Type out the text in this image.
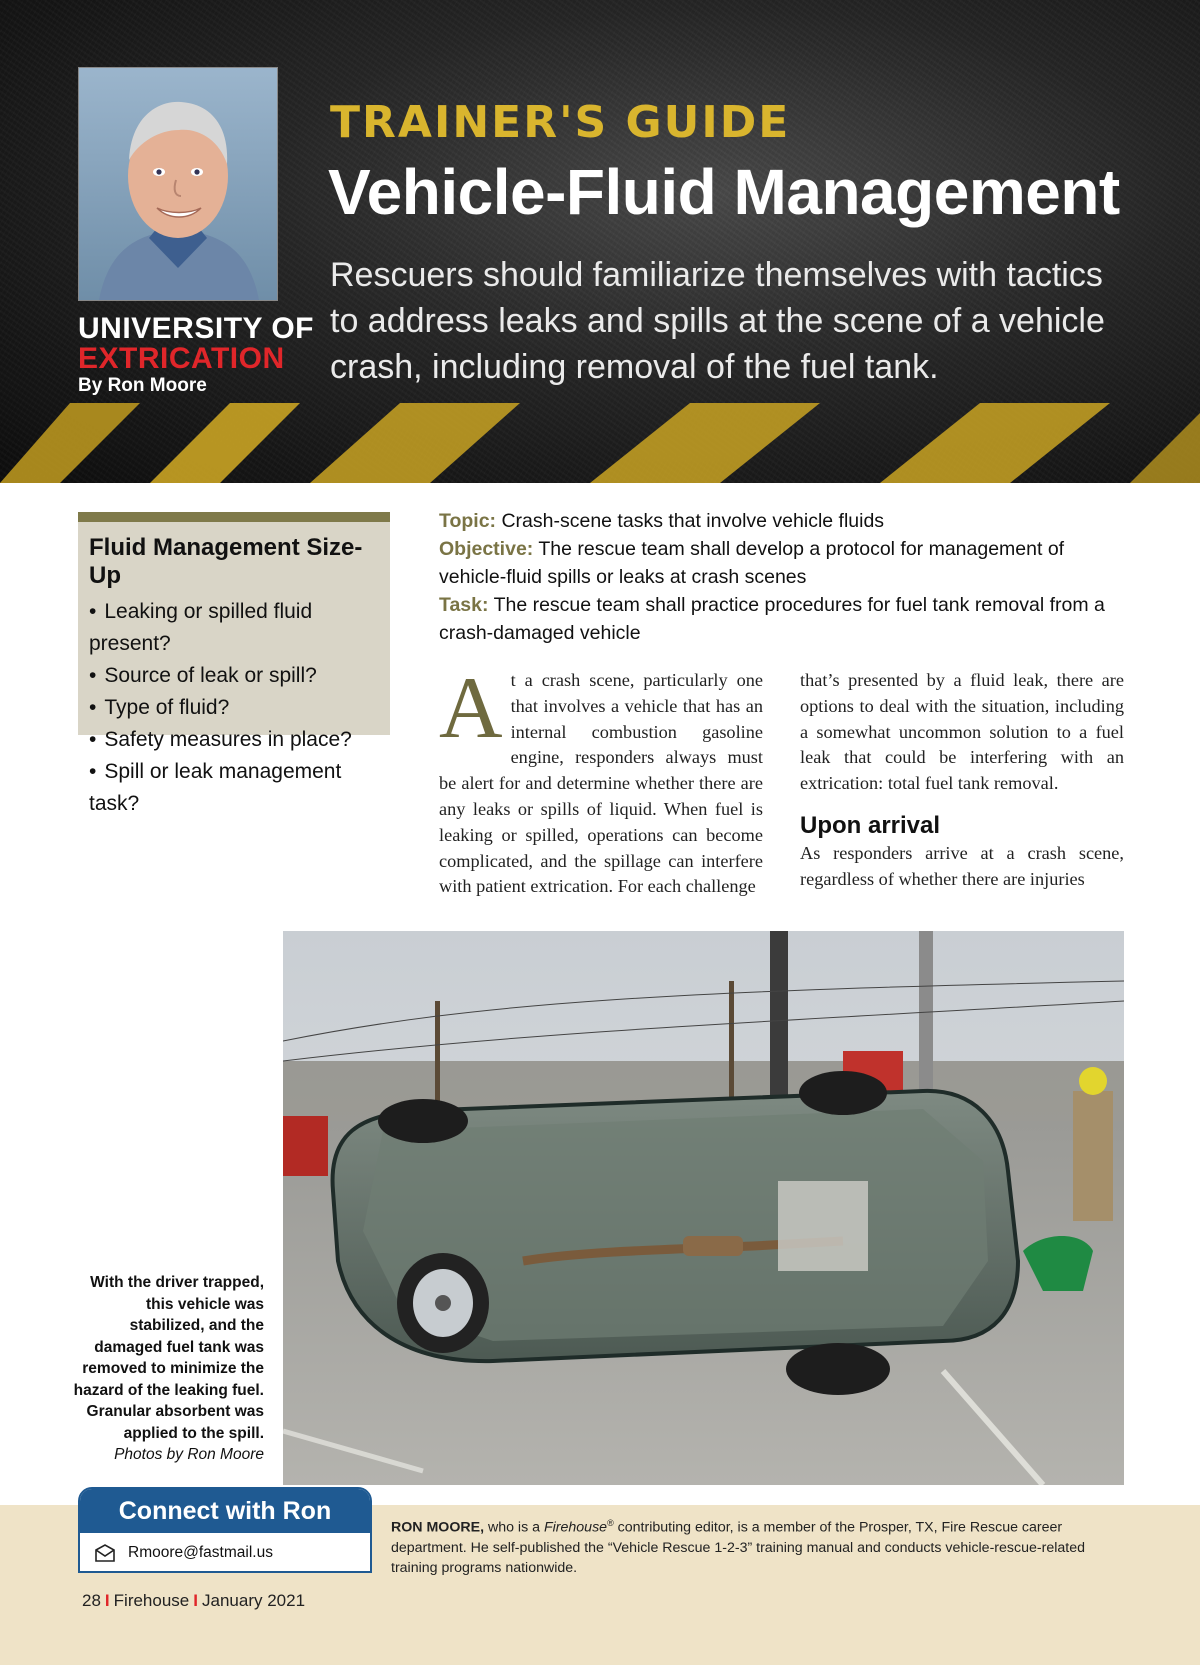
UNIVERSITY OF
EXTRICATION
By Ron Moore
TRAINER'S GUIDE
Vehicle-Fluid Management
Rescuers should familiarize themselves with tactics to address leaks and spills at the scene of a vehicle crash, including removal of the fuel tank.
Fluid Management Size-Up
• Leaking or spilled fluid present?
• Source of leak or spill?
• Type of fluid?
• Safety measures in place?
• Spill or leak management task?
Topic: Crash-scene tasks that involve vehicle fluids
Objective: The rescue team shall develop a protocol for management of vehicle-fluid spills or leaks at crash scenes
Task: The rescue team shall practice procedures for fuel tank removal from a crash-damaged vehicle
At a crash scene, particularly one that involves a vehicle that has an internal combustion gasoline engine, responders always must be alert for and determine whether there are any leaks or spills of liquid. When fuel is leaking or spilled, operations can become complicated, and the spillage can interfere with patient extrication. For each challenge
that’s presented by a fluid leak, there are options to deal with the situation, including a somewhat uncommon solution to a fuel leak that could be interfering with an extrication: total fuel tank removal.
Upon arrival
As responders arrive at a crash scene, regardless of whether there are injuries
With the driver trapped, this vehicle was stabilized, and the damaged fuel tank was removed to minimize the hazard of the leaking fuel. Granular absorbent was applied to the spill.
Photos by Ron Moore
Connect with Ron
Rmoore@fastmail.us
RON MOORE, who is a Firehouse® contributing editor, is a member of the Prosper, TX, Fire Rescue career department. He self-published the “Vehicle Rescue 1-2-3” training manual and conducts vehicle-rescue-related training programs nationwide.
28 I Firehouse I January 2021
